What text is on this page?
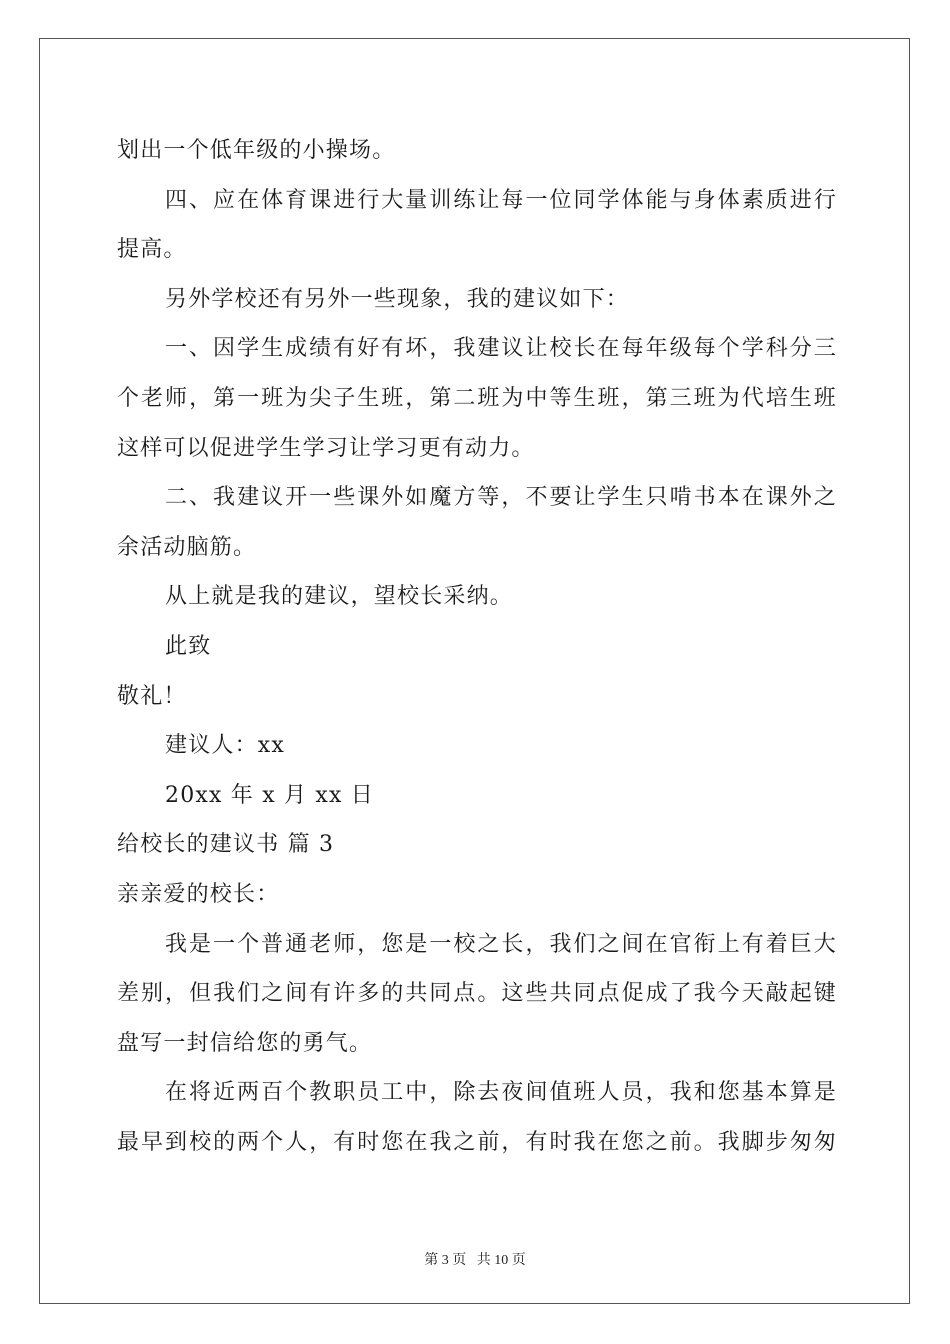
划出一个低年级的小操场。
四、应在体育课进行大量训练让每一位同学体能与身体素质进行
提高。
另外学校还有另外一些现象，我的建议如下：
一、因学生成绩有好有坏，我建议让校长在每年级每个学科分三
个老师，第一班为尖子生班，第二班为中等生班，第三班为代培生班
这样可以促进学生学习让学习更有动力。
二、我建议开一些课外如魔方等，不要让学生只啃书本在课外之
余活动脑筋。
从上就是我的建议，望校长采纳。
此致
敬礼！
建议人：xx
20xx 年 x 月 xx 日
给校长的建议书 篇 3
亲亲爱的校长：
我是一个普通老师，您是一校之长，我们之间在官衔上有着巨大
差别，但我们之间有许多的共同点。这些共同点促成了我今天敲起键
盘写一封信给您的勇气。
在将近两百个教职员工中，除去夜间值班人员，我和您基本算是
最早到校的两个人，有时您在我之前，有时我在您之前。我脚步匆匆
第 3 页 共 10 页
